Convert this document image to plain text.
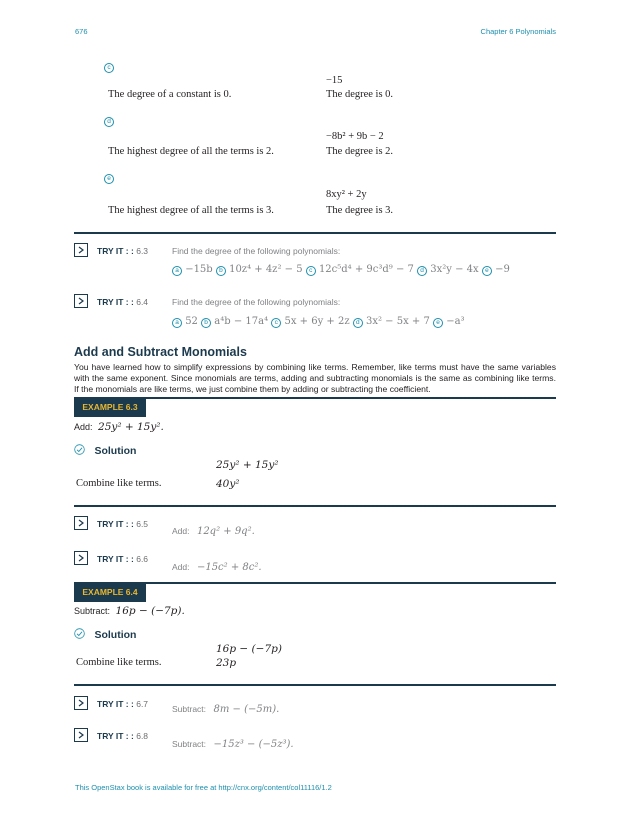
676	Chapter 6 Polynomials
c
−15
The degree of a constant is 0.	The degree is 0.
d
−8b² + 9b − 2
The highest degree of all the terms is 2.	The degree is 2.
e
8xy² + 2y
The highest degree of all the terms is 3.	The degree is 3.
TRY IT : : 6.3	Find the degree of the following polynomials:
a −15b b 10z⁴ + 4z² − 5 c 12c⁵d⁴ + 9c³d⁹ − 7 d 3x²y − 4x e −9
TRY IT : : 6.4	Find the degree of the following polynomials:
a 52 b a⁴b − 17a⁴ c 5x + 6y + 2z d 3x² − 5x + 7 e −a³
Add and Subtract Monomials
You have learned how to simplify expressions by combining like terms. Remember, like terms must have the same variables with the same exponent. Since monomials are terms, adding and subtracting monomials is the same as combining like terms. If the monomials are like terms, we just combine them by adding or subtracting the coefficient.
EXAMPLE 6.3
Add: 25y² + 15y².
Solution
25y² + 15y²
Combine like terms.	40y²
TRY IT : : 6.5
Add: 12q² + 9q².
TRY IT : : 6.6
Add: −15c² + 8c².
EXAMPLE 6.4
Subtract: 16p − (−7p).
Solution
16p − (−7p)
Combine like terms.	23p
TRY IT : : 6.7	Subtract: 8m − (−5m).
TRY IT : : 6.8
Subtract: −15z³ − (−5z³).
This OpenStax book is available for free at http://cnx.org/content/col11116/1.2
